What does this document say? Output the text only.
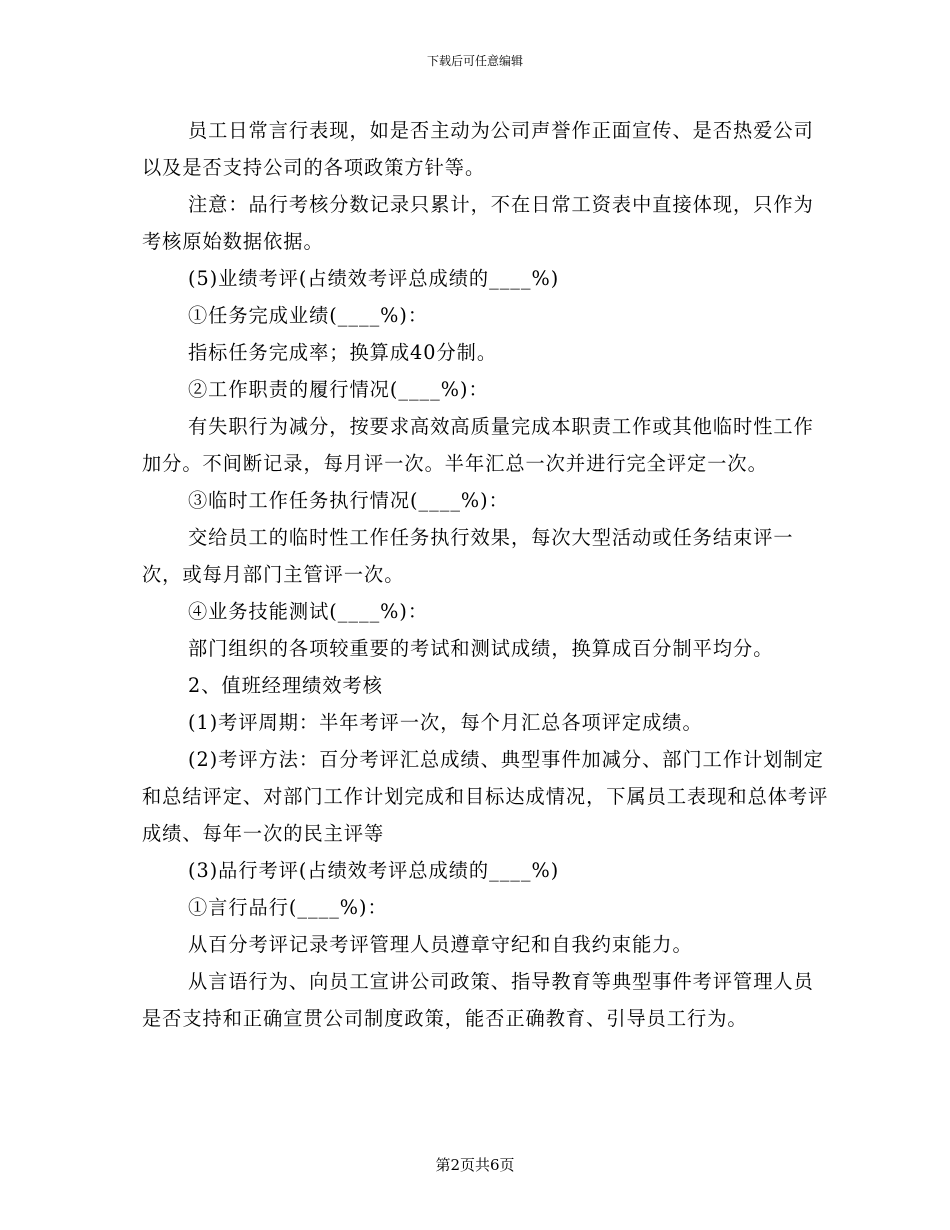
下载后可任意编辑

员工日常言行表现，如是否主动为公司声誉作正面宣传、是否热爱公司以及是否支持公司的各项政策方针等。

注意：品行考核分数记录只累计，不在日常工资表中直接体现，只作为考核原始数据依据。

(5)业绩考评(占绩效考评总成绩的____%)

①任务完成业绩(____%)：

指标任务完成率；换算成40分制。

②工作职责的履行情况(____%)：

有失职行为减分，按要求高效高质量完成本职责工作或其他临时性工作加分。不间断记录，每月评一次。半年汇总一次并进行完全评定一次。

③临时工作任务执行情况(____%)：

交给员工的临时性工作任务执行效果，每次大型活动或任务结束评一次，或每月部门主管评一次。

④业务技能测试(____%)：

部门组织的各项较重要的考试和测试成绩，换算成百分制平均分。

2、值班经理绩效考核

(1)考评周期：半年考评一次，每个月汇总各项评定成绩。

(2)考评方法：百分考评汇总成绩、典型事件加减分、部门工作计划制定和总结评定、对部门工作计划完成和目标达成情况，下属员工表现和总体考评成绩、每年一次的民主评等

(3)品行考评(占绩效考评总成绩的____%)

①言行品行(____%)：

从百分考评记录考评管理人员遵章守纪和自我约束能力。

从言语行为、向员工宣讲公司政策、指导教育等典型事件考评管理人员是否支持和正确宣贯公司制度政策，能否正确教育、引导员工行为。

第2页共6页
